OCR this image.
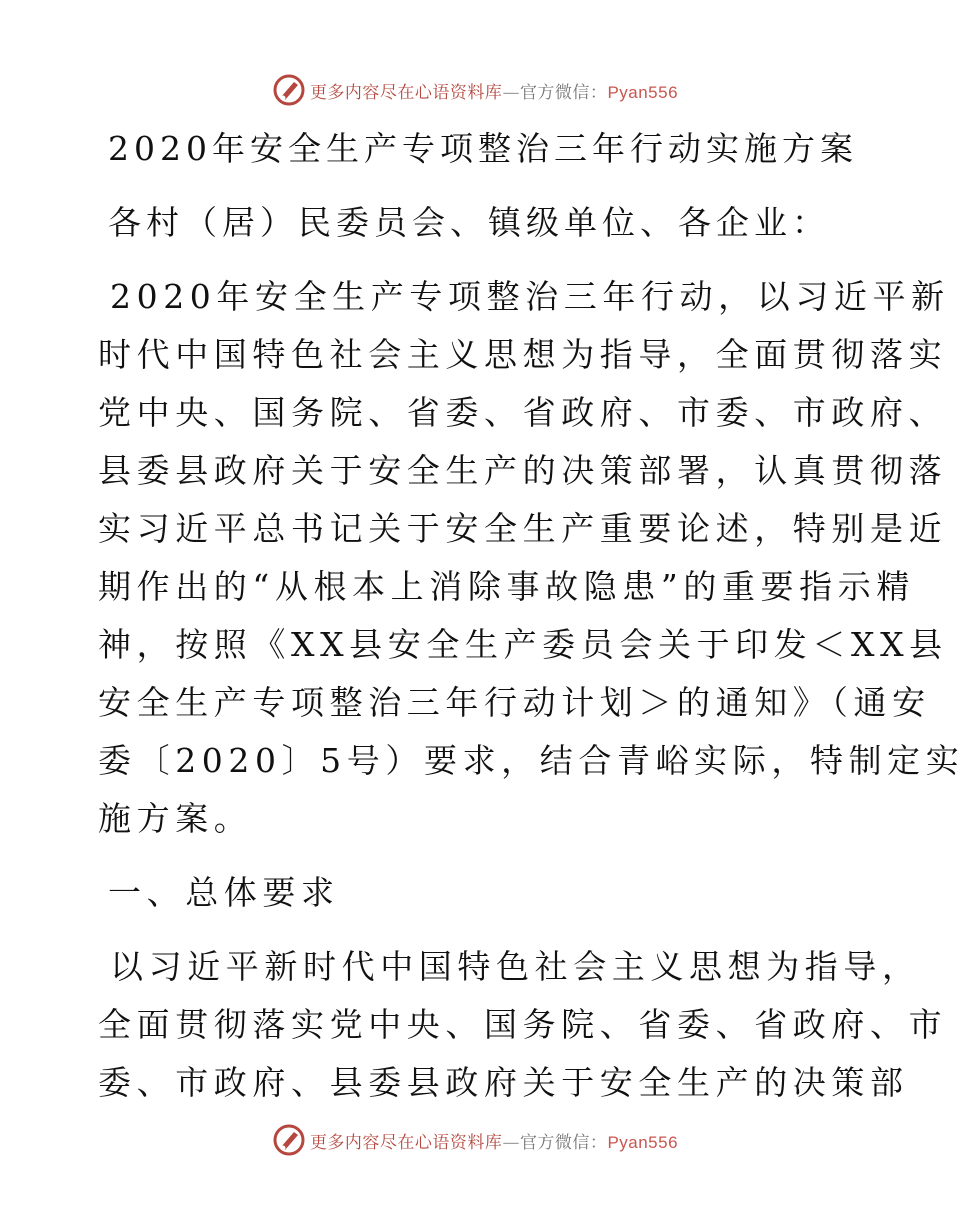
更多内容尽在心语资料库—官方微信：Pyan556
2020年安全生产专项整治三年行动实施方案
各村（居）民委员会、镇级单位、各企业：
2020年安全生产专项整治三年行动，以习近平新
时代中国特色社会主义思想为指导，全面贯彻落实
党中央、国务院、省委、省政府、市委、市政府、
县委县政府关于安全生产的决策部署，认真贯彻落
实习近平总书记关于安全生产重要论述，特别是近
期作出的“从根本上消除事故隐患”的重要指示精
神，按照《XX县安全生产委员会关于印发＜XX县
安全生产专项整治三年行动计划＞的通知》（通安
委〔2020〕5号）要求，结合青峪实际，特制定实
施方案。
一、总体要求
以习近平新时代中国特色社会主义思想为指导，
全面贯彻落实党中央、国务院、省委、省政府、市
委、市政府、县委县政府关于安全生产的决策部
更多内容尽在心语资料库—官方微信：Pyan556
